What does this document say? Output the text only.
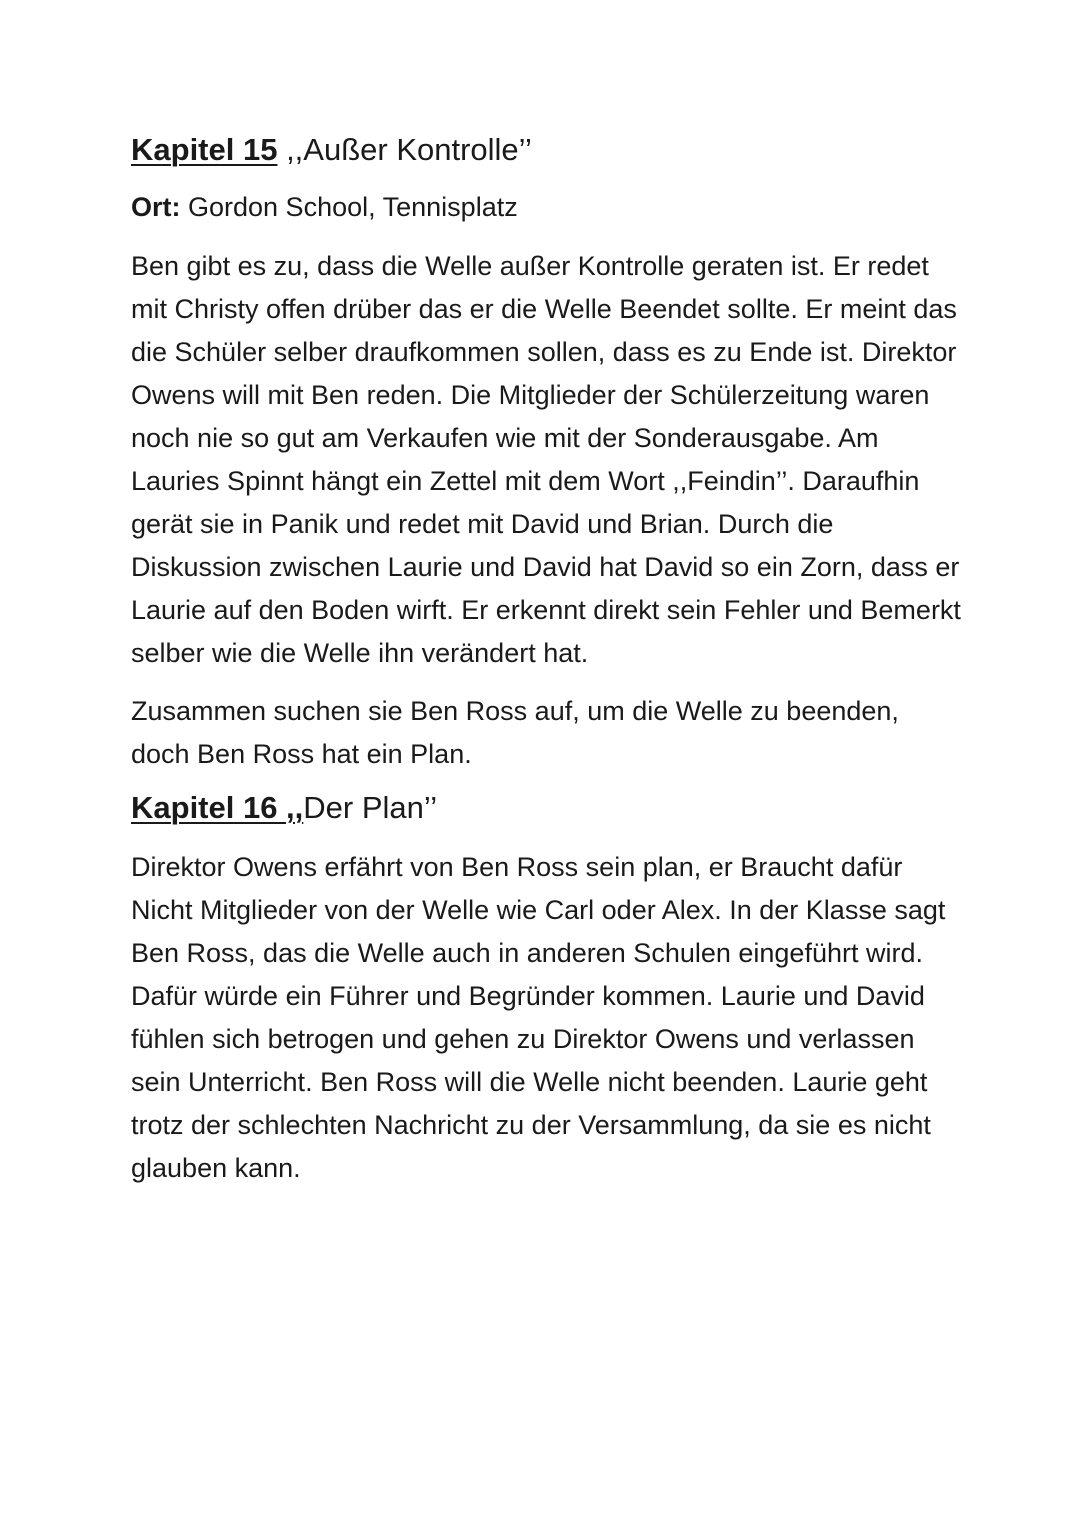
Kapitel 15 ,,Außer Kontrolle’’

Ort: Gordon School, Tennisplatz

Ben gibt es zu, dass die Welle außer Kontrolle geraten ist. Er redet mit Christy offen drüber das er die Welle Beendet sollte. Er meint das die Schüler selber draufkommen sollen, dass es zu Ende ist. Direktor Owens will mit Ben reden. Die Mitglieder der Schülerzeitung waren noch nie so gut am Verkaufen wie mit der Sonderausgabe. Am Lauries Spinnt hängt ein Zettel mit dem Wort ,,Feindin’’. Daraufhin gerät sie in Panik und redet mit David und Brian. Durch die Diskussion zwischen Laurie und David hat David so ein Zorn, dass er Laurie auf den Boden wirft. Er erkennt direkt sein Fehler und Bemerkt selber wie die Welle ihn verändert hat.

Zusammen suchen sie Ben Ross auf, um die Welle zu beenden, doch Ben Ross hat ein Plan.

Kapitel 16 ,,Der Plan’’

Direktor Owens erfährt von Ben Ross sein plan, er Braucht dafür Nicht Mitglieder von der Welle wie Carl oder Alex. In der Klasse sagt Ben Ross, das die Welle auch in anderen Schulen eingeführt wird. Dafür würde ein Führer und Begründer kommen. Laurie und David fühlen sich betrogen und gehen zu Direktor Owens und verlassen sein Unterricht. Ben Ross will die Welle nicht beenden. Laurie geht trotz der schlechten Nachricht zu der Versammlung, da sie es nicht glauben kann.
